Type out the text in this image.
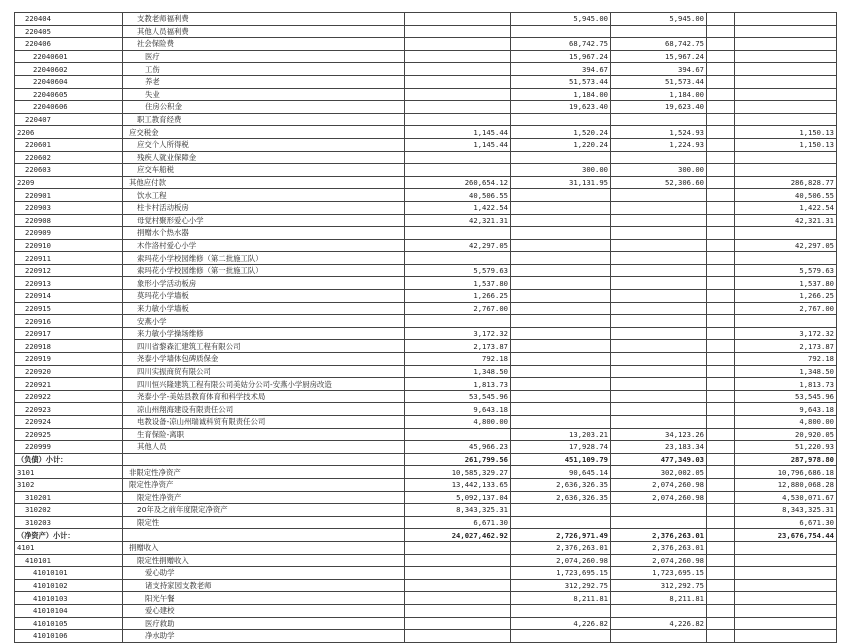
220404	支教老师福利费		5,945.00	5,945.00		
220405	其他人员福利费					
220406	社会保险费		68,742.75	68,742.75		
22040601	医疗		15,967.24	15,967.24		
22040602	工伤		394.67	394.67		
22040604	养老		51,573.44	51,573.44		
22040605	失业		1,184.00	1,184.00		
22040606	住房公积金		19,623.40	19,623.40		
220407	职工教育经费					
2206	应交税金	1,145.44	1,520.24	1,524.93		1,150.13
220601	应交个人所得税	1,145.44	1,220.24	1,224.93		1,150.13
220602	残疾人就业保障金					
220603	应交车船税		300.00	300.00		
2209	其他应付款	260,654.12	31,131.95	52,306.60		286,828.77
220901	饮水工程	40,506.55				40,506.55
220903	柱卡村活动板房	1,422.54				1,422.54
220908	母觉村聚形爱心小学	42,321.31				42,321.31
220909	捐赠水个热水器					
220910	木作洛村爱心小学	42,297.05				42,297.05
220911	索玛花小学校园维修（第二批施工队）					
220912	索玛花小学校园维修（第一批施工队）	5,579.63				5,579.63
220913	象形小学活动板房	1,537.80				1,537.80
220914	莫玛花小学墙板	1,266.25				1,266.25
220915	来力敏小学墙板	2,767.00				2,767.00
220916	安燕小学					
220917	来力敏小学操场维修	3,172.32				3,172.32
220918	四川省黎森汇建筑工程有限公司	2,173.87				2,173.87
220919	尧泰小学墙体包碑质保金	792.18				792.18
220920	四川实振商贸有限公司	1,348.50				1,348.50
220921	四川恒兴隆建筑工程有限公司美姑分公司-安燕小学厨房改造	1,813.73				1,813.73
220922	尧泰小学-美姑县教育体育和科学技术局	53,545.96				53,545.96
220923	凉山州翔海建设有限责任公司	9,643.18				9,643.18
220924	电教设备-凉山州瑞诚科贸有限责任公司	4,800.00				4,800.00
220925	生育保险-离职		13,203.21	34,123.26		20,920.05
220999	其他人员	45,966.23	17,928.74	23,183.34		51,220.93
（负债）小计：		261,799.56	451,109.79	477,349.03		287,978.80
3101	非限定性净资产	10,585,329.27	90,645.14	302,002.05		10,796,686.18
3102	限定性净资产	13,442,133.65	2,636,326.35	2,074,260.98		12,880,068.28
310201	限定性净资产	5,092,137.04	2,636,326.35	2,074,260.98		4,530,071.67
310202	20年及之前年度限定净资产	8,343,325.31				8,343,325.31
310203	限定性	6,671.30				6,671.30
（净资产）小计：		24,027,462.92	2,726,971.49	2,376,263.01		23,676,754.44
4101	捐赠收入		2,376,263.01	2,376,263.01		
410101	限定性捐赠收入		2,074,260.98	2,074,260.98		
41010101	爱心助学		1,723,695.15	1,723,695.15		
41010102	诸支持家园支教老师		312,292.75	312,292.75		
41010103	阳光午餐		8,211.81	8,211.81		
41010104	爱心建校					
41010105	医疗救助		4,226.82	4,226.82		
41010106	净水助学					
